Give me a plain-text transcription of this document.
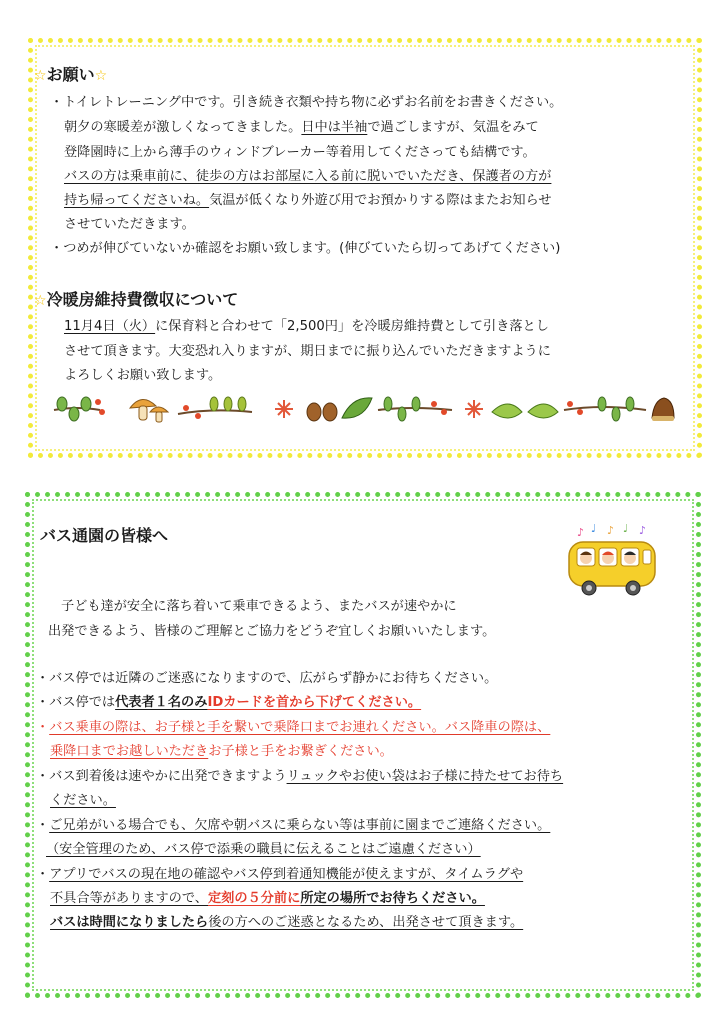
☆お願い☆
・トイレトレーニング中です。引き続き衣類や持ち物に必ずお名前をお書きください。
朝夕の寒暖差が激しくなってきました。日中は半袖で過ごしますが、気温をみて
登降園時に上から薄手のウィンドブレーカー等着用してくださっても結構です。
バスの方は乗車前に、徒歩の方はお部屋に入る前に脱いでいただき、保護者の方が
持ち帰ってくださいね。気温が低くなり外遊び用でお預かりする際はまたお知らせ
させていただきます。
・つめが伸びていないか確認をお願い致します。(伸びていたら切ってあげてください)
☆冷暖房維持費徴収について
11月4日（火）に保育料と合わせて「2,500円」を冷暖房維持費として引き落とし
させて頂きます。大変恐れ入りますが、期日までに振り込んでいただきますように
よろしくお願い致します。
バス通園の皆様へ	♪ ♩ ♪ ♩ ♪
子ども達が安全に落ち着いて乗車できるよう、またバスが速やかに
出発できるよう、皆様のご理解とご協力をどうぞ宜しくお願いいたします。
・バス停では近隣のご迷惑になりますので、広がらず静かにお待ちください。
・バス停では代表者１名のみIDカードを首から下げてください。
・バス乗車の際は、お子様と手を繋いで乗降口までお連れください。バス降車の際は、
乗降口までお越しいただきお子様と手をお繋ぎください。
・バス到着後は速やかに出発できますようリュックやお使い袋はお子様に持たせてお待ち
ください。
・ご兄弟がいる場合でも、欠席や朝バスに乗らない等は事前に園までご連絡ください。
（安全管理のため、バス停で添乗の職員に伝えることはご遠慮ください）
・アプリでバスの現在地の確認やバス停到着通知機能が使えますが、タイムラグや
不具合等がありますので、定刻の５分前に所定の場所でお待ちください。
バスは時間になりましたら後の方へのご迷惑となるため、出発させて頂きます。
